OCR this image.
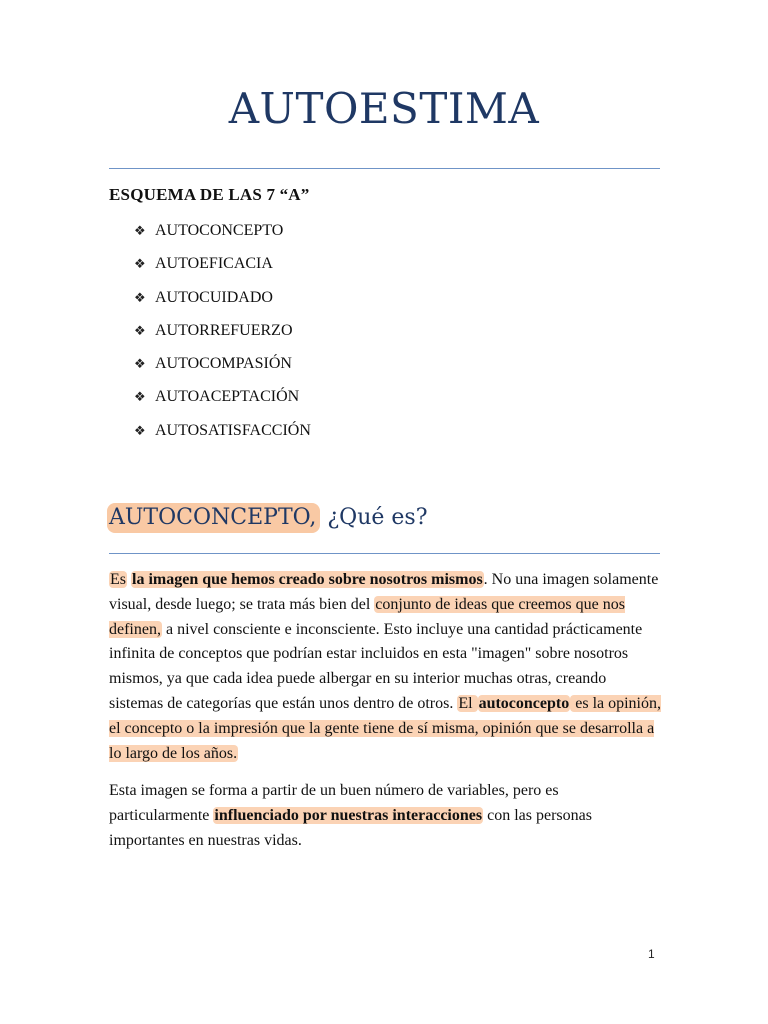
AUTOESTIMA
ESQUEMA DE LAS 7 “A”
❖ AUTOCONCEPTO
❖ AUTOEFICACIA
❖ AUTOCUIDADO
❖ AUTORREFUERZO
❖ AUTOCOMPASIÓN
❖ AUTOACEPTACIÓN
❖ AUTOSATISFACCIÓN
AUTOCONCEPTO, ¿Qué es?

Es la imagen que hemos creado sobre nosotros mismos. No una imagen solamente visual, desde luego; se trata más bien del conjunto de ideas que creemos que nos definen, a nivel consciente e inconsciente. Esto incluye una cantidad prácticamente infinita de conceptos que podrían estar incluidos en esta "imagen" sobre nosotros mismos, ya que cada idea puede albergar en su interior muchas otras, creando sistemas de categorías que están unos dentro de otros. El autoconcepto es la opinión, el concepto o la impresión que la gente tiene de sí misma, opinión que se desarrolla a lo largo de los años.

Esta imagen se forma a partir de un buen número de variables, pero es particularmente influenciado por nuestras interacciones con las personas importantes en nuestras vidas.

1
